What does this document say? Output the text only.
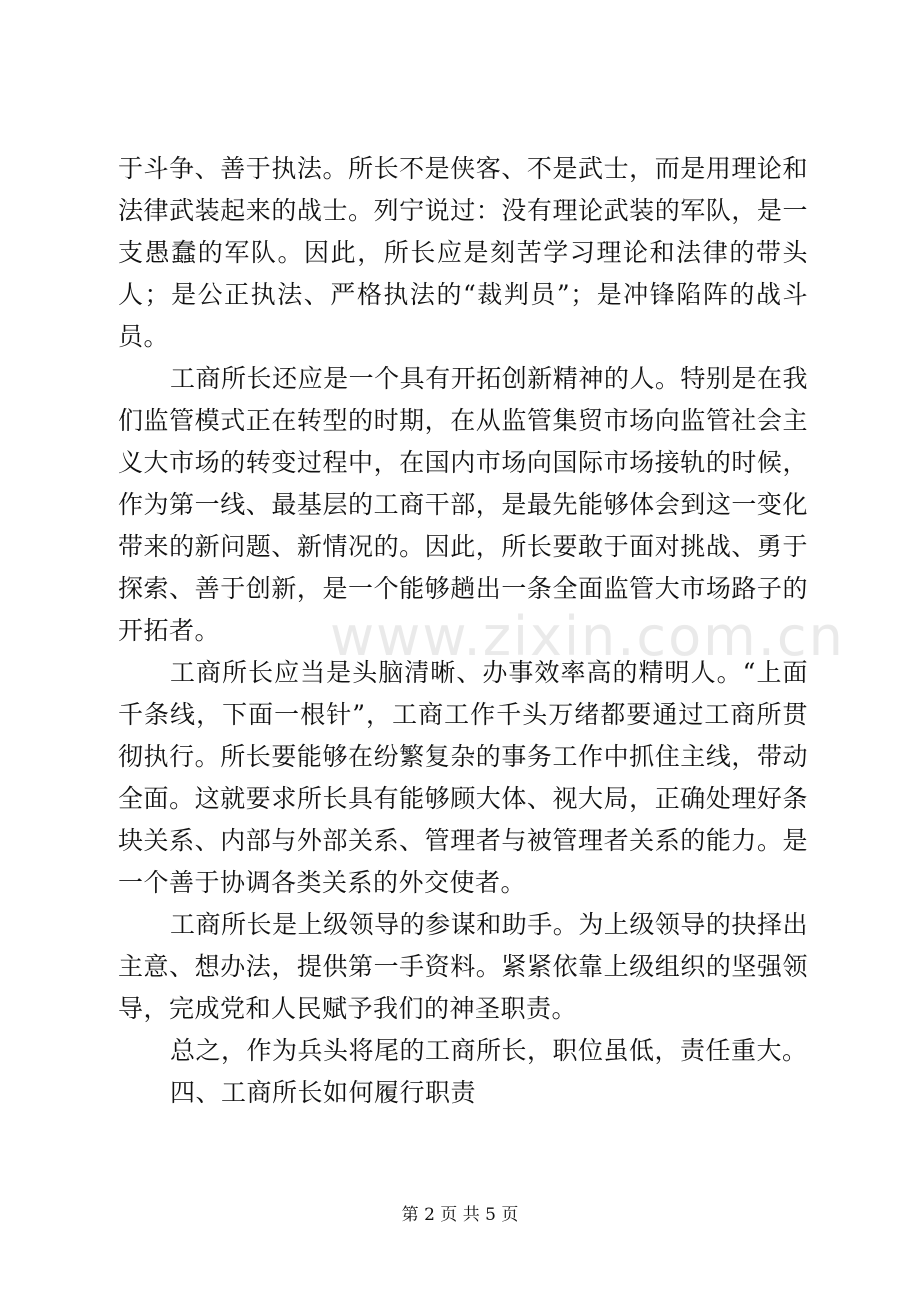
于斗争、善于执法。所长不是侠客、不是武士，而是用理论和法律武装起来的战士。列宁说过：没有理论武装的军队，是一支愚蠢的军队。因此，所长应是刻苦学习理论和法律的带头人；是公正执法、严格执法的“裁判员”；是冲锋陷阵的战斗员。

工商所长还应是一个具有开拓创新精神的人。特别是在我们监管模式正在转型的时期，在从监管集贸市场向监管社会主义大市场的转变过程中，在国内市场向国际市场接轨的时候，作为第一线、最基层的工商干部，是最先能够体会到这一变化带来的新问题、新情况的。因此，所长要敢于面对挑战、勇于探索、善于创新，是一个能够趟出一条全面监管大市场路子的开拓者。

工商所长应当是头脑清晰、办事效率高的精明人。“上面千条线，下面一根针”，工商工作千头万绪都要通过工商所贯彻执行。所长要能够在纷繁复杂的事务工作中抓住主线，带动全面。这就要求所长具有能够顾大体、视大局，正确处理好条块关系、内部与外部关系、管理者与被管理者关系的能力。是一个善于协调各类关系的外交使者。

工商所长是上级领导的参谋和助手。为上级领导的抉择出主意、想办法，提供第一手资料。紧紧依靠上级组织的坚强领导，完成党和人民赋予我们的神圣职责。

总之，作为兵头将尾的工商所长，职位虽低，责任重大。

四、工商所长如何履行职责

www.zixin.com.cn
第 2 页 共 5 页
